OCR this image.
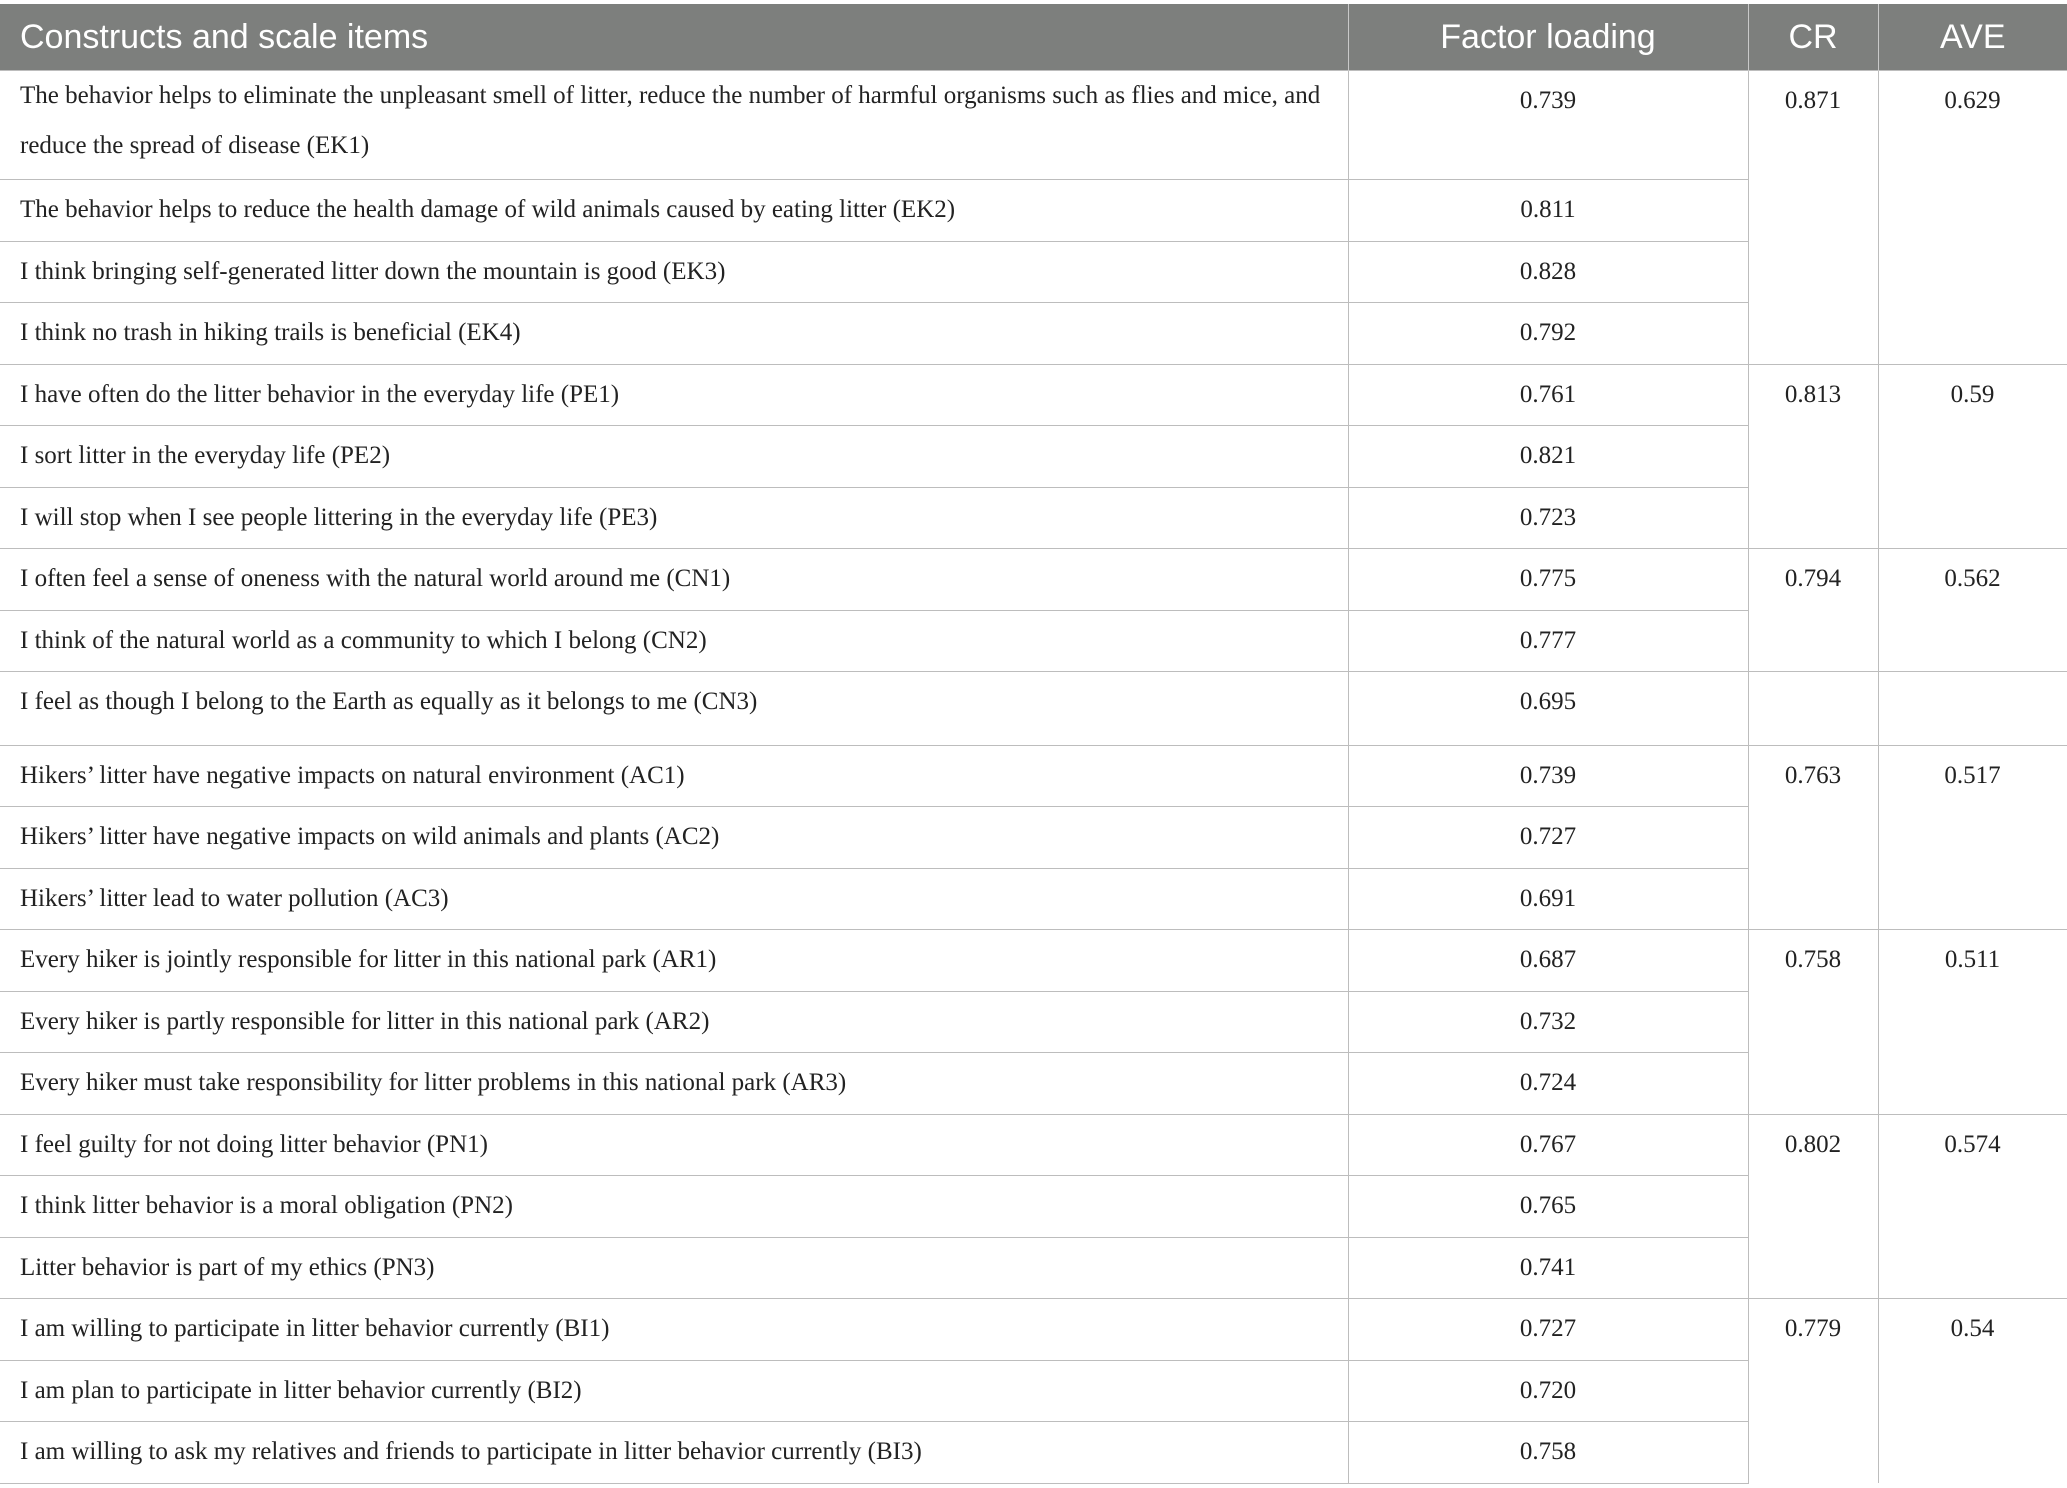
Constructs and scale items	Factor loading	CR	AVE
The behavior helps to eliminate the unpleasant smell of litter, reduce the number of harmful organisms such as flies and mice, and reduce the spread of disease (EK1)	0.739	0.871	0.629
The behavior helps to reduce the health damage of wild animals caused by eating litter (EK2)	0.811		
I think bringing self-generated litter down the mountain is good (EK3)	0.828		
I think no trash in hiking trails is beneficial (EK4)	0.792		
I have often do the litter behavior in the everyday life (PE1)	0.761	0.813	0.59
I sort litter in the everyday life (PE2)	0.821		
I will stop when I see people littering in the everyday life (PE3)	0.723		
I often feel a sense of oneness with the natural world around me (CN1)	0.775	0.794	0.562
I think of the natural world as a community to which I belong (CN2)	0.777		
I feel as though I belong to the Earth as equally as it belongs to me (CN3)	0.695		
Hikers’ litter have negative impacts on natural environment (AC1)	0.739	0.763	0.517
Hikers’ litter have negative impacts on wild animals and plants (AC2)	0.727		
Hikers’ litter lead to water pollution (AC3)	0.691		
Every hiker is jointly responsible for litter in this national park (AR1)	0.687	0.758	0.511
Every hiker is partly responsible for litter in this national park (AR2)	0.732		
Every hiker must take responsibility for litter problems in this national park (AR3)	0.724		
I feel guilty for not doing litter behavior (PN1)	0.767	0.802	0.574
I think litter behavior is a moral obligation (PN2)	0.765		
Litter behavior is part of my ethics (PN3)	0.741		
I am willing to participate in litter behavior currently (BI1)	0.727	0.779	0.54
I am plan to participate in litter behavior currently (BI2)	0.720		
I am willing to ask my relatives and friends to participate in litter behavior currently (BI3)	0.758		
